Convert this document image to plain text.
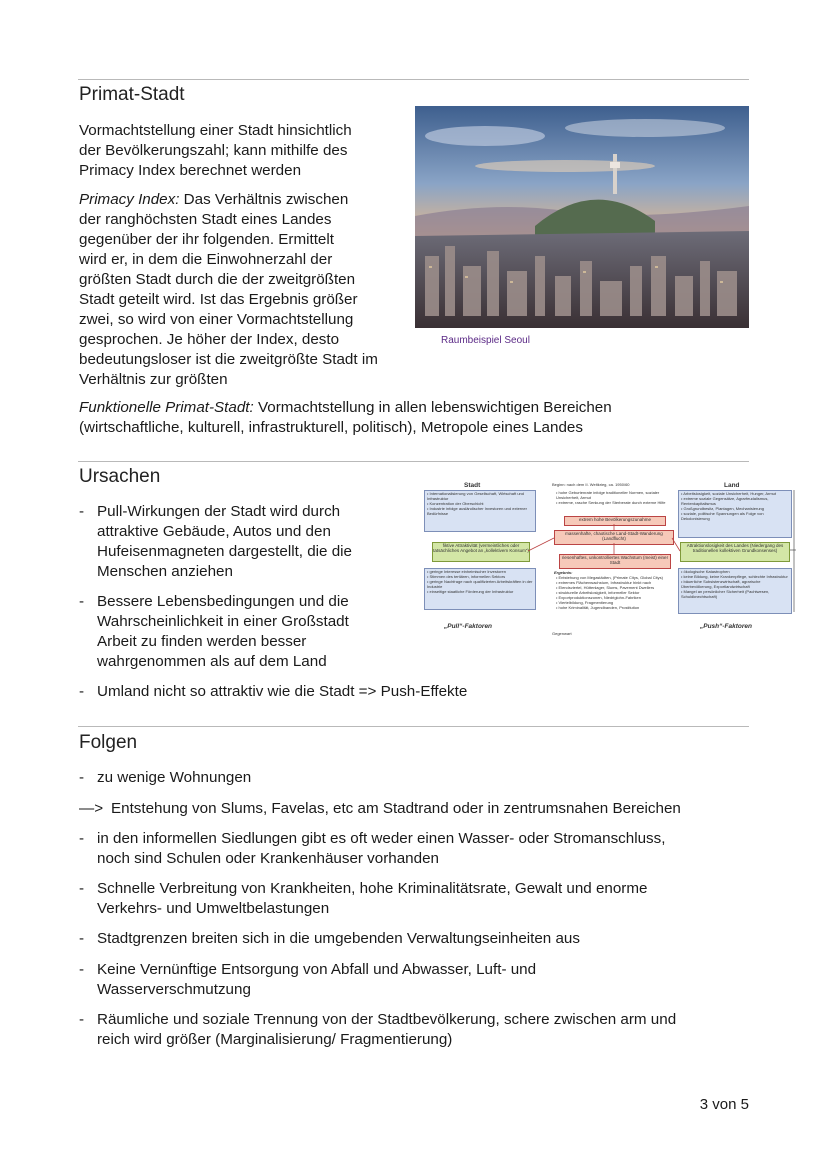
Primat-Stadt
Vormachtstellung einer Stadt hinsichtlich
der Bevölkerungszahl; kann mithilfe des
Primacy Index berechnet werden
Primacy Index: Das Verhältnis zwischen
der ranghöchsten Stadt eines Landes
gegenüber der ihr folgenden. Ermittelt
wird er, in dem die Einwohnerzahl der
größten Stadt durch die der zweitgrößten
Stadt geteilt wird. Ist das Ergebnis größer
zwei, so wird von einer Vormachtstellung
gesprochen. Je höher der Index, desto
bedeutungsloser ist die zweitgrößte Stadt im
Verhältnis zur größten
Raumbeispiel Seoul
Funktionelle Primat-Stadt: Vormachtstellung in allen lebenswichtigen Bereichen
(wirtschaftliche, kulturell, infrastrukturell, politisch), Metropole eines Landes
Ursachen
- Pull-Wirkungen der Stadt wird durch
attraktive Gebäude, Autos und den
Hufeisenmagneten dargestellt, die die
Menschen anziehen
- Bessere Lebensbedingungen und die
Wahrscheinlichkeit in einer Großstadt
Arbeit zu finden werden besser
wahrgenommen als auf dem Land
- Umland nicht so attraktiv wie die Stadt => Push-Effekte
Stadt	Land
Beginn: nach dem II. Weltkrieg, ca. 1950/60
• Internationalisierung von Gesellschaft, Wirtschaft und Infrastruktur
• Konzentration der Oberschicht
• Industrie infolge ausländischer Investoren und externer Bedürfnisse
fiktive Attraktivität (vermeintliches oder tatsächliches Angebot an „kollektivem Konsum“)
• geringe Interesse einheimischer Investoren
• Stimmen des tertiären, informellen Sektors
• geringe Nachfrage nach qualifizierten Arbeitskräften in der Industrie
• einseitige staatliche Förderung der Infrastruktur
„Pull“-Faktoren
• hohe Geburtenrate infolge traditioneller Normen, sozialer Unsicherheit, Armut
• extreme, rasche Senkung der Sterberate durch externe Hilfe
extrem hohe Bevölkerungszunahme
massenhafte, chaotische Land-Stadt-Wanderung (Landflucht)
riesenhaftes, unkontrolliertes Wachstum (meist) einer Stadt
Ergebnis:
• Entstehung von Megastädten, (Primate Citys, Global Citys)
• extremes Flächenwachstum, Infrastruktur hinkt nach
• Elendsviertel, Hüttenlager, Slums, Pavement Dwellers
• strukturelle Arbeitslosigkeit, informeller Sektor
• Exportproduktionszonen, Niedriglohn-Fabriken
• Viertelbildung, Fragmentierung
• hohe Kriminalität, Jugendbanden, Prostitution
Gegenwart
• Arbeitslosigkeit, soziale Unsicherheit, Hunger, Armut
• extreme soziale Gegensätze, Agrarfeudalismus, Rentenkapitalismus
• Großgrundbesitz, Plantagen, Mechanisierung
• soziale, politische Spannungen als Folge von Dekolonisierung
Attraktionslosigkeit des Landes (Niedergang des traditionellen kollektiven Grundkonsenses)
• ökologische Katastrophen
• keine Bildung, keine Krankenpflege, schlechte Infrastruktur
• bäuerliche Subsistenzwirtschaft, agrarische Überbevölkerung, Exportlandwirtschaft
• Mangel an persönlicher Sicherheit (Pachtwesen, Schuldknechtschaft)
„Push“-Faktoren
Folgen
- zu wenige Wohnungen
—> Entstehung von Slums, Favelas, etc am Stadtrand oder in zentrumsnahen Bereichen
- in den informellen Siedlungen gibt es oft weder einen Wasser- oder Stromanschluss,
noch sind Schulen oder Krankenhäuser vorhanden
- Schnelle Verbreitung von Krankheiten, hohe Kriminalitätsrate, Gewalt und enorme
Verkehrs- und Umweltbelastungen
- Stadtgrenzen breiten sich in die umgebenden Verwaltungseinheiten aus
- Keine Vernünftige Entsorgung von Abfall und Abwasser, Luft- und
Wasserverschmutzung
- Räumliche und soziale Trennung von der Stadtbevölkerung, schere zwischen arm und
reich wird größer (Marginalisierung/ Fragmentierung)
3 von 5
